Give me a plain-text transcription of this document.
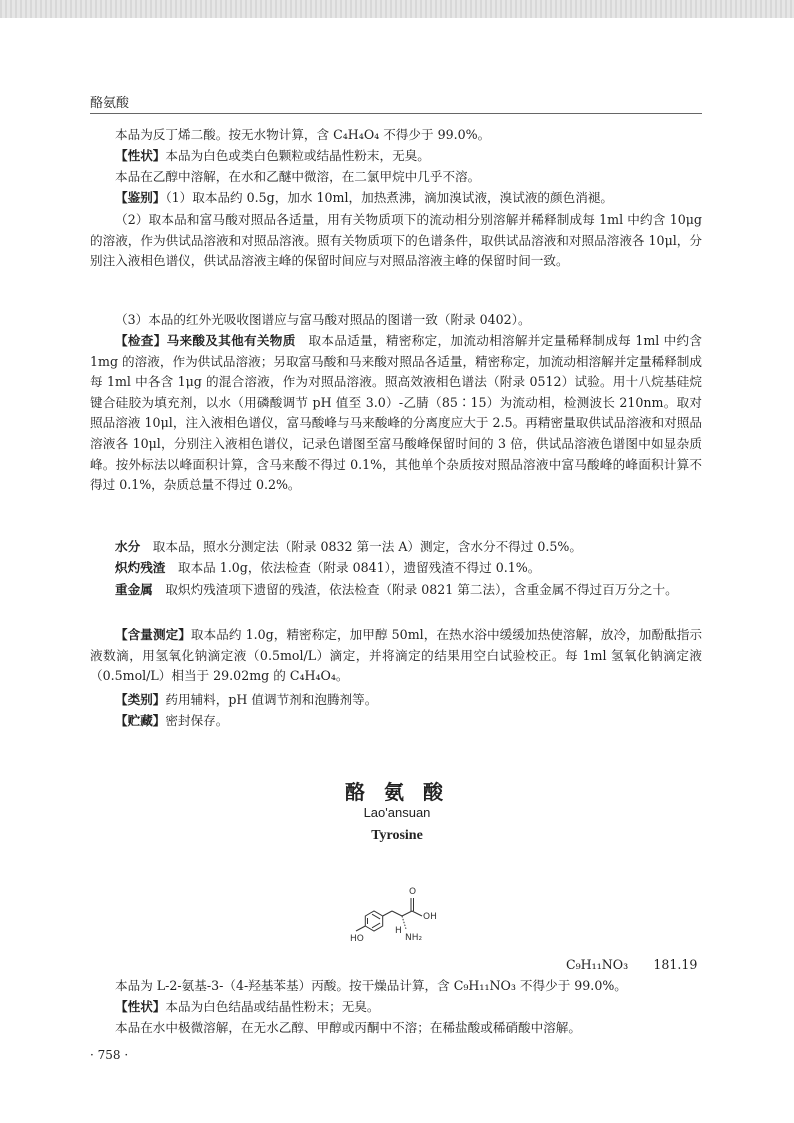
酪氨酸
本品为反丁烯二酸。按无水物计算，含 C₄H₄O₄ 不得少于 99.0%。
【性状】本品为白色或类白色颗粒或结晶性粉末，无臭。
本品在乙醇中溶解，在水和乙醚中微溶，在二氯甲烷中几乎不溶。
【鉴别】（1）取本品约 0.5g，加水 10ml，加热煮沸，滴加溴试液，溴试液的颜色消褪。
（2）取本品和富马酸对照品各适量，用有关物质项下的流动相分别溶解并稀释制成每 1ml 中约含 10μg 的溶液，作为供试品溶液和对照品溶液。照有关物质项下的色谱条件，取供试品溶液和对照品溶液各 10μl，分别注入液相色谱仪，供试品溶液主峰的保留时间应与对照品溶液主峰的保留时间一致。
（3）本品的红外光吸收图谱应与富马酸对照品的图谱一致（附录 0402）。
【检查】马来酸及其他有关物质　 取本品适量，精密称定，加流动相溶解并定量稀释制成每 1ml 中约含 1mg 的溶液，作为供试品溶液；另取富马酸和马来酸对照品各适量，精密称定，加流动相溶解并定量稀释制成每 1ml 中各含 1μg 的混合溶液，作为对照品溶液。照高效液相色谱法（附录 0512）试验。用十八烷基硅烷键合硅胶为填充剂，以水（用磷酸调节 pH 值至 3.0）-乙腈（85∶15）为流动相，检测波长 210nm。取对照品溶液 10μl，注入液相色谱仪，富马酸峰与马来酸峰的分离度应大于 2.5。再精密量取供试品溶液和对照品溶液各 10μl，分别注入液相色谱仪，记录色谱图至富马酸峰保留时间的 3 倍，供试品溶液色谱图中如显杂质峰。按外标法以峰面积计算，含马来酸不得过 0.1%，其他单个杂质按对照品溶液中富马酸峰的峰面积计算不得过 0.1%，杂质总量不得过 0.2%。
水分　 取本品，照水分测定法（附录 0832 第一法 A）测定，含水分不得过 0.5%。
炽灼残渣　 取本品 1.0g，依法检查（附录 0841），遗留残渣不得过 0.1%。
重金属　 取炽灼残渣项下遗留的残渣，依法检查（附录 0821 第二法），含重金属不得过百万分之十。
【含量测定】取本品约 1.0g，精密称定，加甲醇 50ml，在热水浴中缓缓加热使溶解，放冷，加酚酞指示液数滴，用氢氧化钠滴定液（0.5mol/L）滴定，并将滴定的结果用空白试验校正。每 1ml 氢氧化钠滴定液（0.5mol/L）相当于 29.02mg 的 C₄H₄O₄。
【类别】药用辅料，pH 值调节剂和泡腾剂等。
【贮藏】密封保存。
酪 氨 酸
Lao'ansuan
Tyrosine
HO
O
OH
H
NH₂
C₉H₁₁NO₃　　 181.19
本品为 L-2-氨基-3-（4-羟基苯基）丙酸。按干燥品计算，含 C₉H₁₁NO₃ 不得少于 99.0%。
【性状】本品为白色结晶或结晶性粉末；无臭。
本品在水中极微溶解，在无水乙醇、甲醇或丙酮中不溶；在稀盐酸或稀硝酸中溶解。
· 758 ·
